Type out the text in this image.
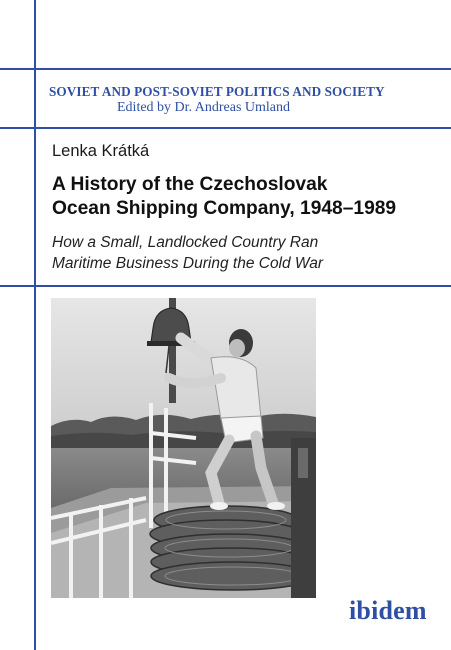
SOVIET AND POST-SOVIET POLITICS AND SOCIETY
Edited by Dr. Andreas Umland
Lenka Krátká
A History of the Czechoslovak
Ocean Shipping Company, 1948–1989
How a Small, Landlocked Country Ran
Maritime Business During the Cold War
ibidem
